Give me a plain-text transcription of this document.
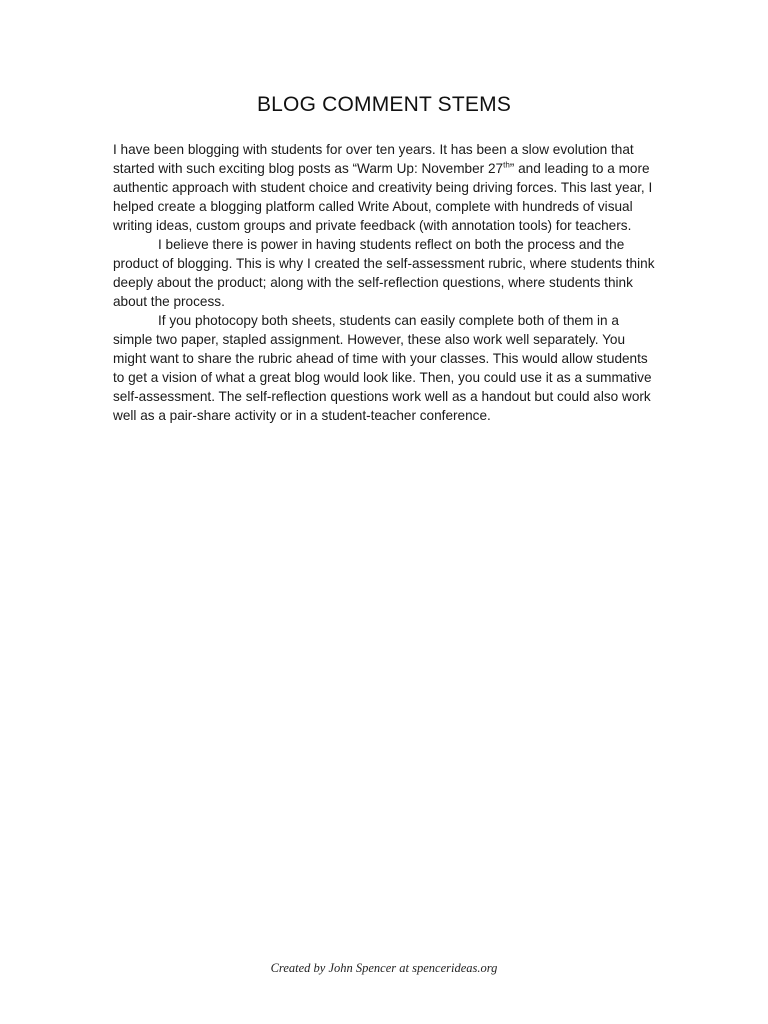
BLOG COMMENT STEMS

I have been blogging with students for over ten years. It has been a slow evolution that started with such exciting blog posts as “Warm Up: November 27th” and leading to a more authentic approach with student choice and creativity being driving forces. This last year, I helped create a blogging platform called Write About, complete with hundreds of visual writing ideas, custom groups and private feedback (with annotation tools) for teachers.

I believe there is power in having students reflect on both the process and the product of blogging. This is why I created the self-assessment rubric, where students think deeply about the product; along with the self-reflection questions, where students think about the process.

If you photocopy both sheets, students can easily complete both of them in a simple two paper, stapled assignment. However, these also work well separately. You might want to share the rubric ahead of time with your classes. This would allow students to get a vision of what a great blog would look like. Then, you could use it as a summative self-assessment. The self-reflection questions work well as a handout but could also work well as a pair-share activity or in a student-teacher conference.

Created by John Spencer at spencerideas.org
